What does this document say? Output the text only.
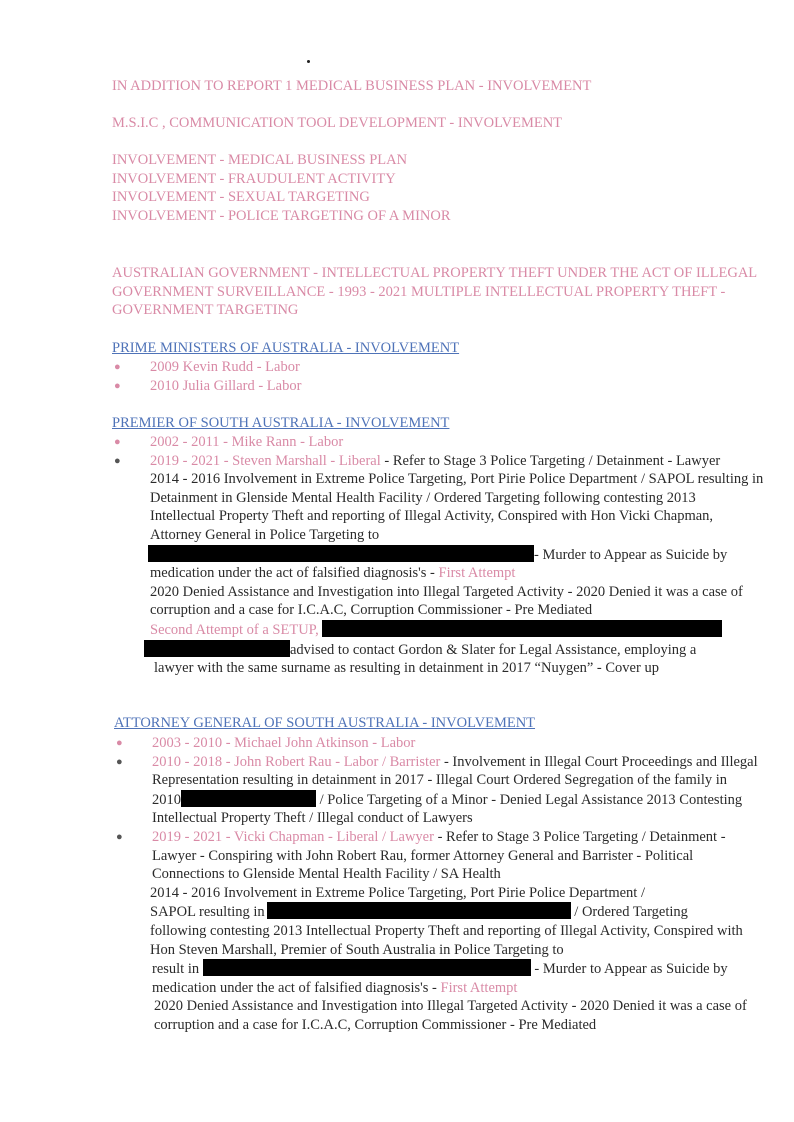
IN ADDITION TO REPORT 1 MEDICAL BUSINESS PLAN - INVOLVEMENT

M.S.I.C , COMMUNICATION TOOL DEVELOPMENT - INVOLVEMENT

INVOLVEMENT - MEDICAL BUSINESS PLAN

INVOLVEMENT - FRAUDULENT ACTIVITY

INVOLVEMENT - SEXUAL TARGETING

INVOLVEMENT - POLICE TARGETING OF A MINOR

AUSTRALIAN GOVERNMENT - INTELLECTUAL PROPERTY THEFT UNDER THE ACT OF ILLEGAL GOVERNMENT SURVEILLANCE - 1993 - 2021 MULTIPLE INTELLECTUAL PROPERTY THEFT - GOVERNMENT TARGETING

PRIME MINISTERS OF AUSTRALIA - INVOLVEMENT

● 2009 Kevin Rudd - Labor

● 2010 Julia Gillard - Labor

PREMIER OF SOUTH AUSTRALIA - INVOLVEMENT

● 2002 - 2011 - Mike Rann - Labor

● 2019 - 2021 - Steven Marshall - Liberal - Refer to Stage 3 Police Targeting / Detainment - Lawyer

2014 - 2016 Involvement in Extreme Police Targeting, Port Pirie Police Department / SAPOL resulting in Detainment in Glenside Mental Health Facility / Ordered Targeting following contesting 2013 Intellectual Property Theft and reporting of Illegal Activity, Conspired with Hon Vicki Chapman, Attorney General in Police Targeting to

- Murder to Appear as Suicide by

medication under the act of falsified diagnosis's - First Attempt

2020 Denied Assistance and Investigation into Illegal Targeted Activity - 2020 Denied it was a case of corruption and a case for I.C.A.C, Corruption Commissioner - Pre Mediated

Second Attempt of a SETUP,

advised to contact Gordon & Slater for Legal Assistance, employing a

lawyer with the same surname as resulting in detainment in 2017 “Nuygen” - Cover up

ATTORNEY GENERAL OF SOUTH AUSTRALIA - INVOLVEMENT

● 2003 - 2010 - Michael John Atkinson - Labor

● 2010 - 2018 - John Robert Rau - Labor / Barrister - Involvement in Illegal Court Proceedings and Illegal Representation resulting in detainment in 2017 - Illegal Court Ordered Segregation of the family in 2010	/ Police Targeting of a Minor - Denied Legal Assistance 2013 Contesting Intellectual Property Theft / Illegal conduct of Lawyers

● 2019 - 2021 - Vicki Chapman - Liberal / Lawyer - Refer to Stage 3 Police Targeting / Detainment - Lawyer - Conspiring with John Robert Rau, former Attorney General and Barrister - Political Connections to Glenside Mental Health Facility / SA Health

2014 - 2016 Involvement in Extreme Police Targeting, Port Pirie Police Department /

SAPOL resulting in	/ Ordered Targeting

following contesting 2013 Intellectual Property Theft and reporting of Illegal Activity, Conspired with Hon Steven Marshall, Premier of South Australia in Police Targeting to

result in	- Murder to Appear as Suicide by

medication under the act of falsified diagnosis's - First Attempt

2020 Denied Assistance and Investigation into Illegal Targeted Activity - 2020 Denied it was a case of corruption and a case for I.C.A.C, Corruption Commissioner - Pre Mediated
